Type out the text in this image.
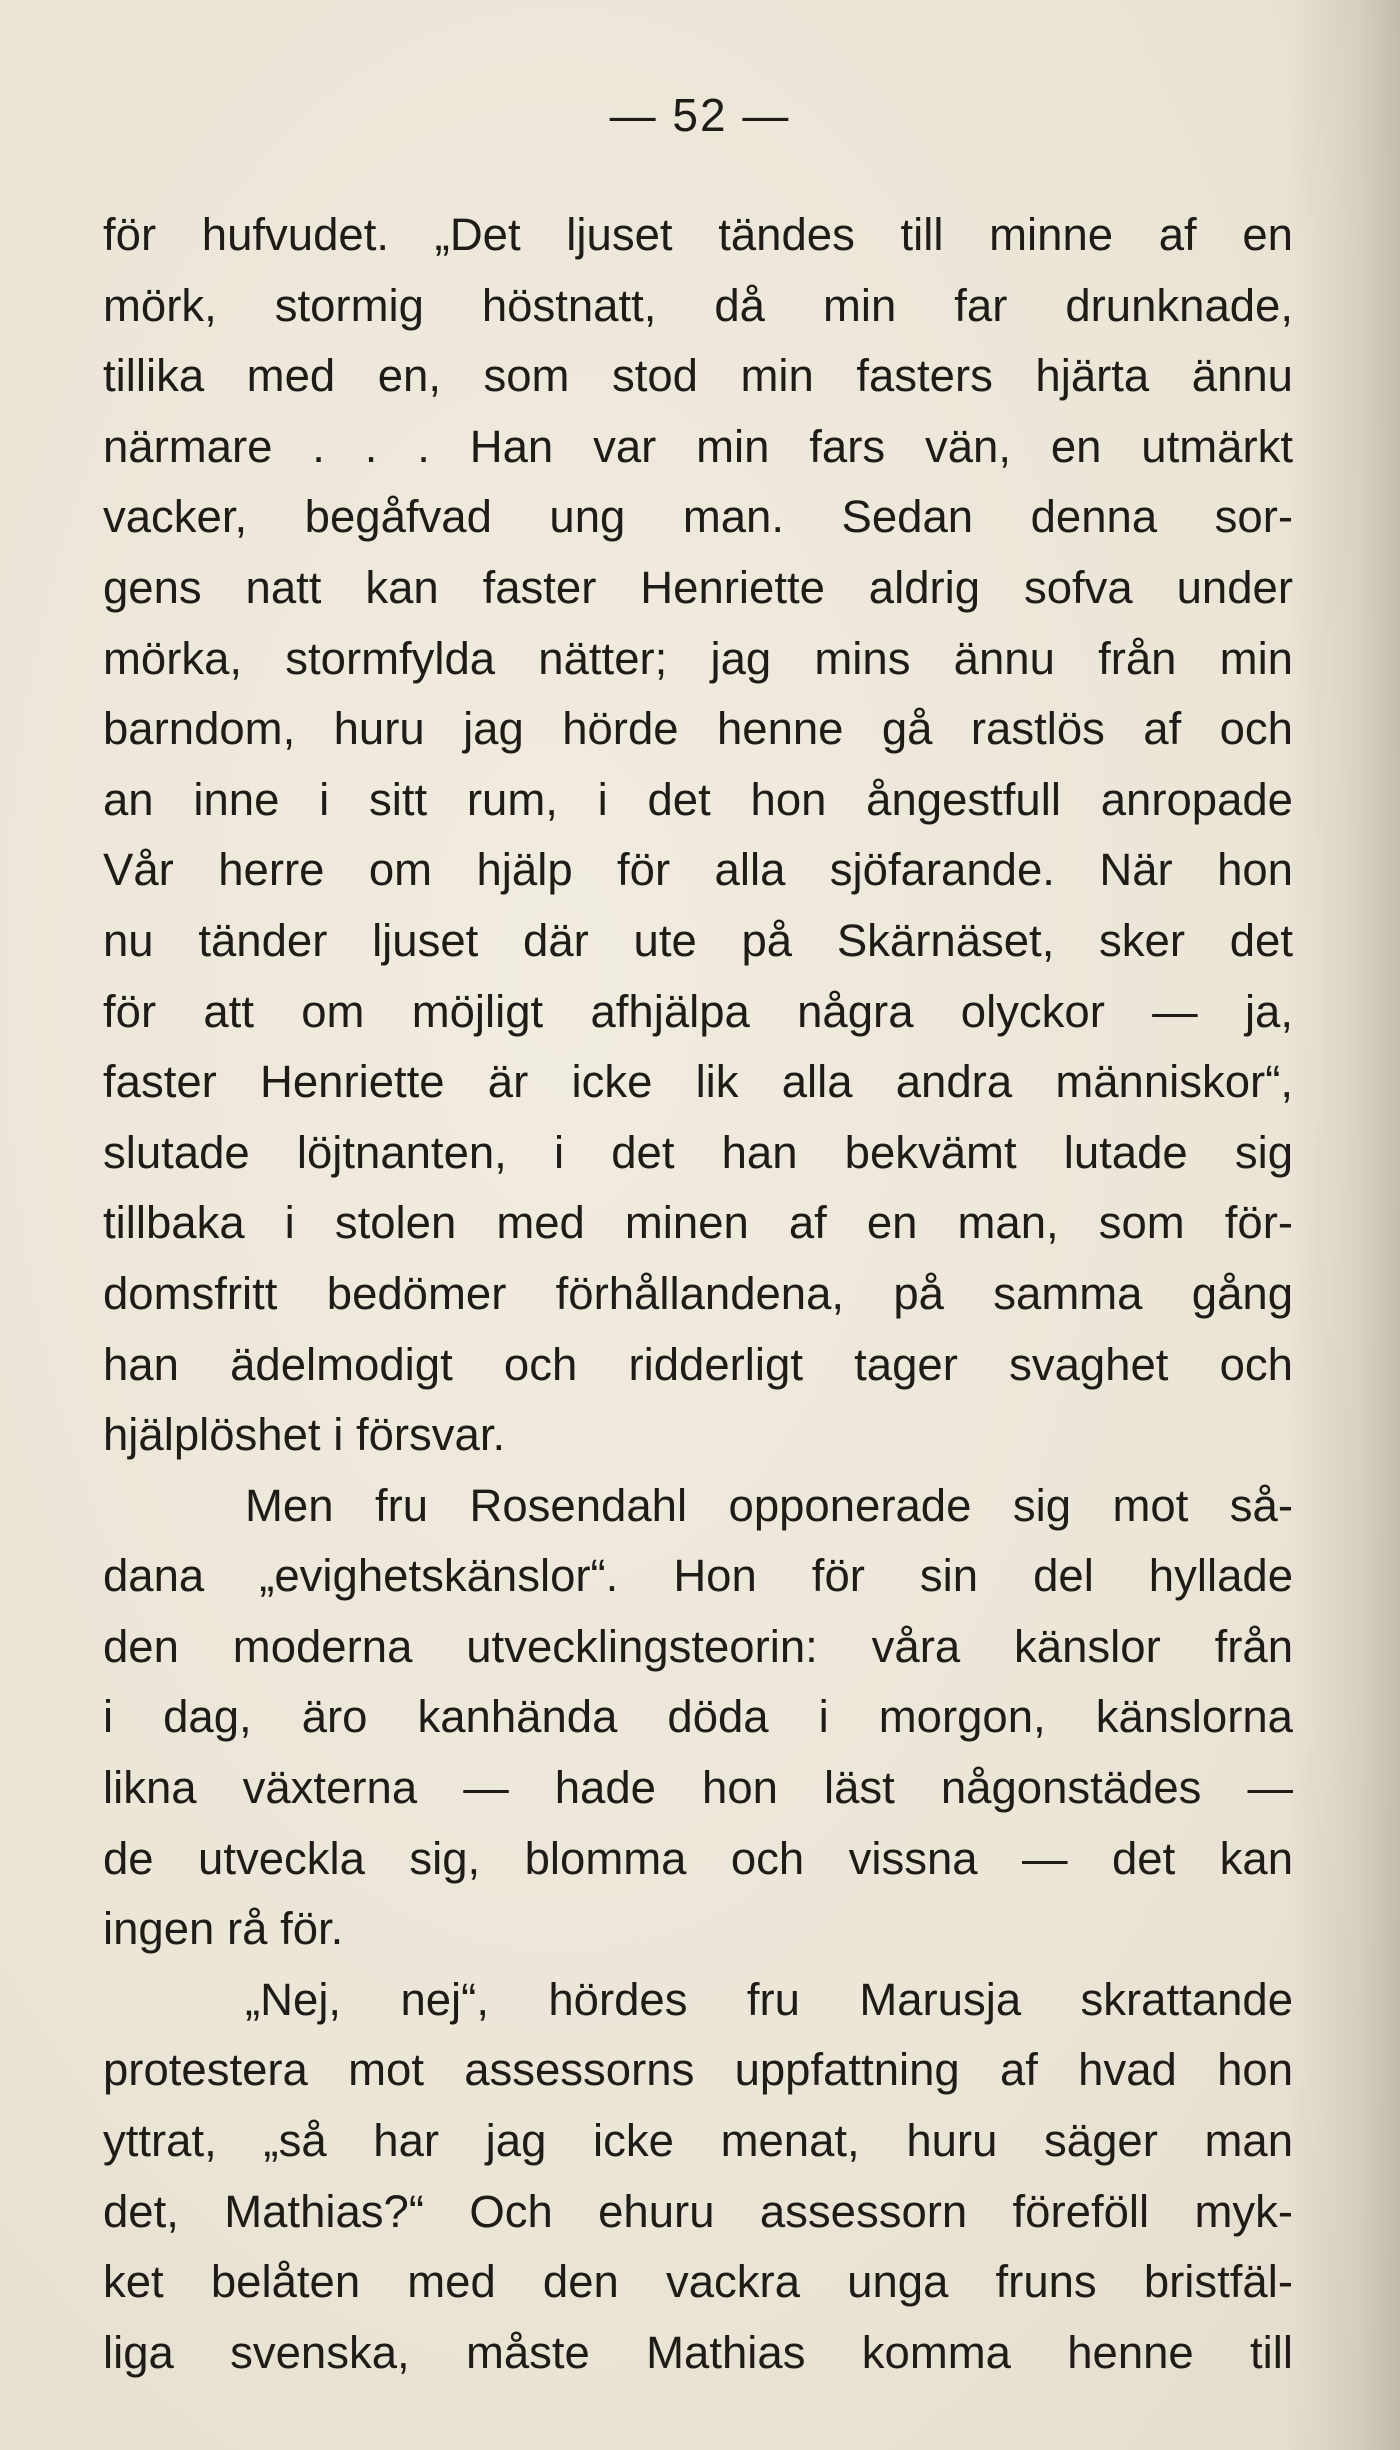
— 52 —
för hufvudet. „Det ljuset tändes till minne af en
mörk, stormig höstnatt, då min far drunknade,
tillika med en, som stod min fasters hjärta ännu
närmare . . . Han var min fars vän, en utmärkt
vacker, begåfvad ung man. Sedan denna sor-
gens natt kan faster Henriette aldrig sofva under
mörka, stormfylda nätter; jag mins ännu från min
barndom, huru jag hörde henne gå rastlös af och
an inne i sitt rum, i det hon ångestfull anropade
Vår herre om hjälp för alla sjöfarande. När hon
nu tänder ljuset där ute på Skärnäset, sker det
för att om möjligt afhjälpa några olyckor — ja,
faster Henriette är icke lik alla andra människor“,
slutade löjtnanten, i det han bekvämt lutade sig
tillbaka i stolen med minen af en man, som för-
domsfritt bedömer förhållandena, på samma gång
han ädelmodigt och ridderligt tager svaghet och
hjälplöshet i försvar.
Men fru Rosendahl opponerade sig mot så-
dana „evighetskänslor“. Hon för sin del hyllade
den moderna utvecklingsteorin: våra känslor från
i dag, äro kanhända döda i morgon, känslorna
likna växterna — hade hon läst någonstädes —
de utveckla sig, blomma och vissna — det kan
ingen rå för.
„Nej, nej“, hördes fru Marusja skrattande
protestera mot assessorns uppfattning af hvad hon
yttrat, „så har jag icke menat, huru säger man
det, Mathias?“ Och ehuru assessorn föreföll myk-
ket belåten med den vackra unga fruns bristfäl-
liga svenska, måste Mathias komma henne till
